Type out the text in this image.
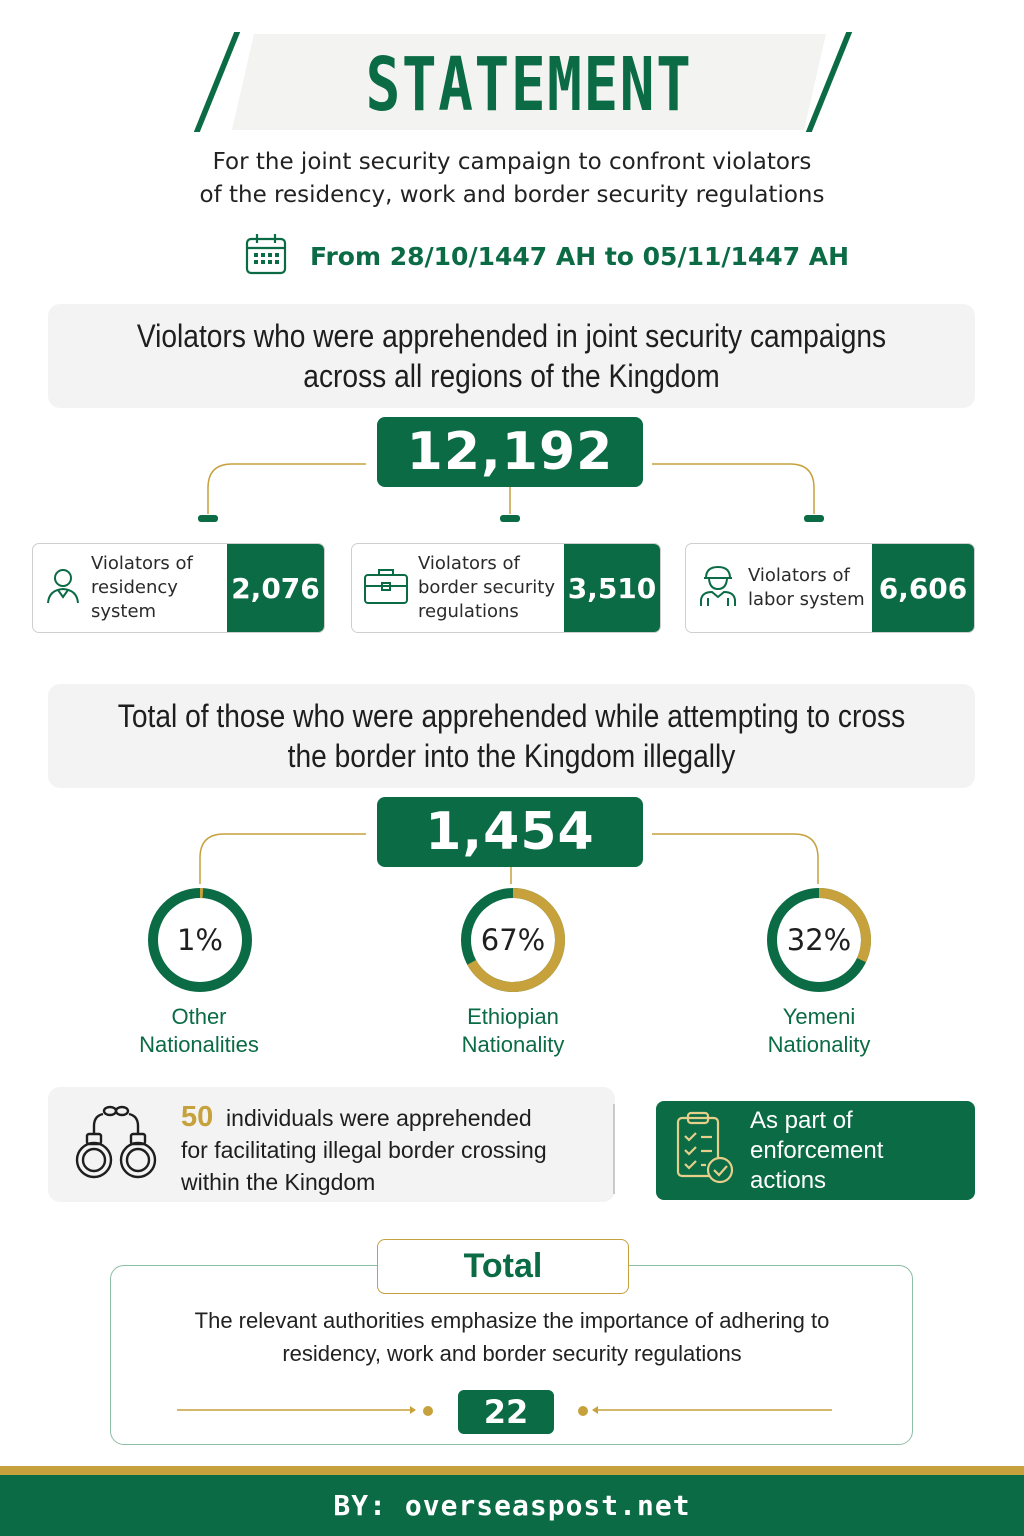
STATEMENT
For the joint security campaign to confront violators
of the residency, work and border security regulations
From 28/10/1447 AH to 05/11/1447 AH
Violators who were apprehended in joint security campaigns
across all regions of the Kingdom
12,192
Violators of
residency system
2,076
Violators of
border security
regulations
3,510	Violators of
labor system 6,606
Total of those who were apprehended while attempting to cross
the border into the Kingdom illegally
1,454
1%
Other
Nationalities
67%
Ethiopian
Nationality
32%
Yemeni
Nationality
50 individuals were apprehended
for facilitating illegal border crossing
within the Kingdom
As part of enforcement
actions
Total
The relevant authorities emphasize the importance of adhering to
residency, work and border security regulations
22
BY: overseaspost.net
